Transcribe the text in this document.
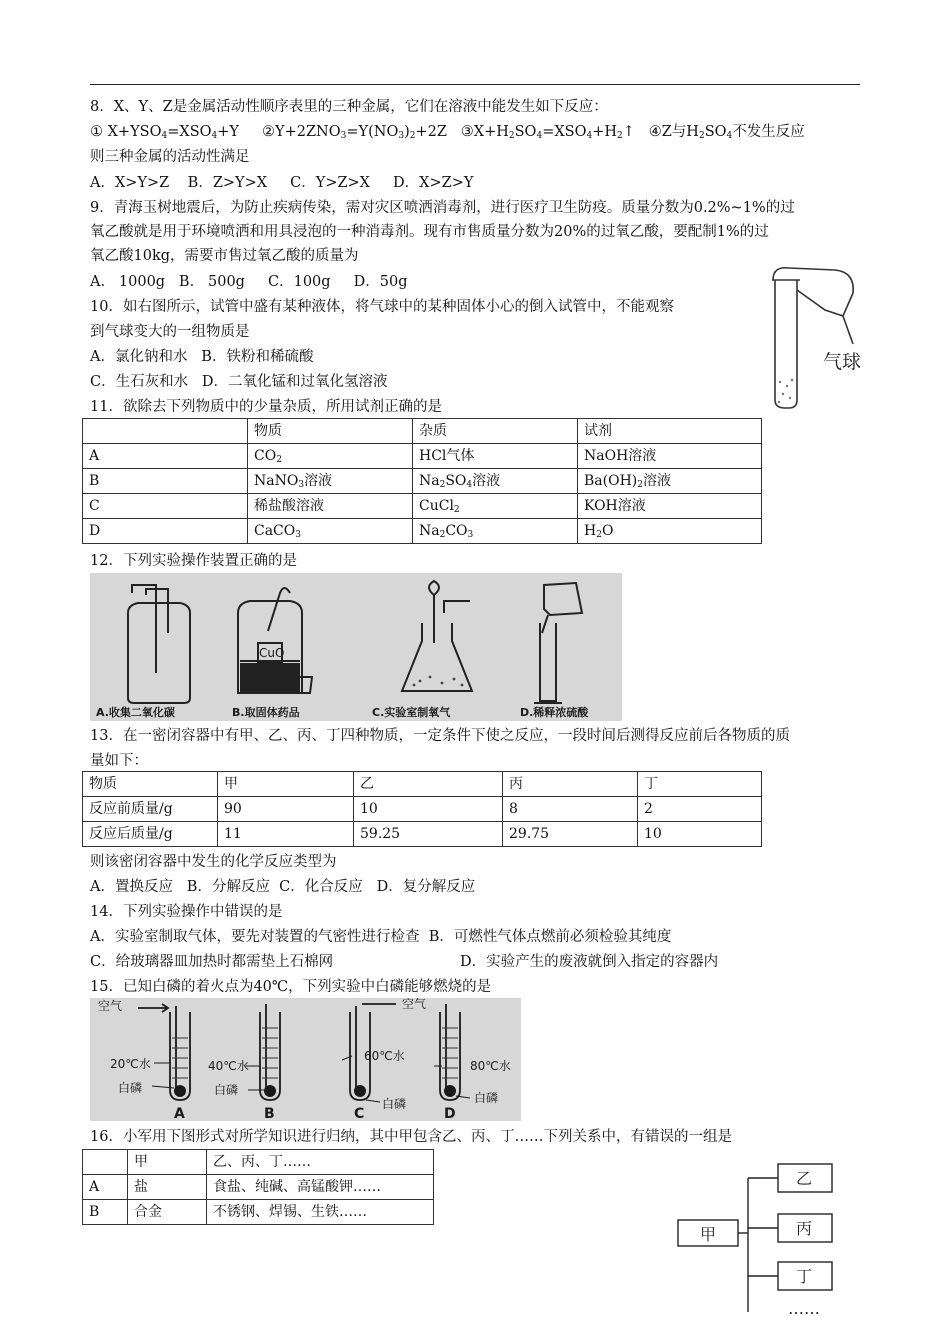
8．X、Y、Z是金属活动性顺序表里的三种金属，它们在溶液中能发生如下反应：
① $X+YSO_4=XSO_4+Y$ $②Y+2ZNO_3=Y(NO_3)_2+2Z$ $③X+H_2SO_4=XSO_4+H_2↑$ ④Z与$H_2SO_4$不发生反应
则三种金属的活动性满足
A．X>Y>Z    B．Z>Y>X     C．Y>Z>X     D．X>Z>Y
9．青海玉树地震后，为防止疾病传染，需对灾区喷洒消毒剂，进行医疗卫生防疫。质量分数为0.2%~1%的过
氧乙酸就是用于环境喷洒和用具浸泡的一种消毒剂。现有市售质量分数为20%的过氧乙酸，要配制1%的过
氧乙酸10kg，需要市售过氧乙酸的质量为
A.   1000g   B.   500g     C．100g     D．50g
10．如右图所示，试管中盛有某种液体，将气球中的某种固体小心的倒入试管中，不能观察
到气球变大的一组物质是
A．氯化钠和水   B．铁粉和稀硫酸
C．生石灰和水   D．二氧化锰和过氧化氢溶液
气球
11．欲除去下列物质中的少量杂质，所用试剂正确的是
	物质	杂质	试剂
A	$CO_2$	HCl气体	NaOH溶液
B	NaNO$_3$溶液	$Na_2SO_4$溶液	$Ba(OH)_2$溶液
C	稀盐酸溶液	CuCl$_2$	KOH溶液
D	CaCO$_3$	$Na_2CO_3$	$H_2O$
12．下列实验操作装置正确的是
CuO
A.收集二氧化碳	B.取固体药品	C.实验室制氧气	D.稀释浓硫酸
13．在一密闭容器中有甲、乙、丙、丁四种物质，一定条件下使之反应，一段时间后测得反应前后各物质的质
量如下：
物质	甲	乙	丙	丁
反应前质量/g	90	10	8	2
反应后质量/g	11	59.25	29.75	10
则该密闭容器中发生的化学反应类型为
A．置换反应   B．分解反应  C．化合反应   D．复分解反应
14．下列实验操作中错误的是
A．实验室制取气体，要先对装置的气密性进行检查  B．可燃性气体点燃前必须检验其纯度
C．给玻璃器皿加热时都需垫上石棉网	D．实验产生的废液就倒入指定的容器内
15．已知白磷的着火点为40℃，下列实验中白磷能够燃烧的是
空气	空气
20℃水	40℃水
60℃水
80℃水
白磷	白磷
白磷	白磷
A	B	C	D
16．小军用下图形式对所学知识进行归纳，其中甲包含乙、丙、丁……下列关系中，有错误的一组是
	甲	乙、丙、丁……
A	盐	食盐、纯碱、高锰酸钾……
B	合金	不锈钢、焊锡、生铁……
甲
乙
丙
丁
……
